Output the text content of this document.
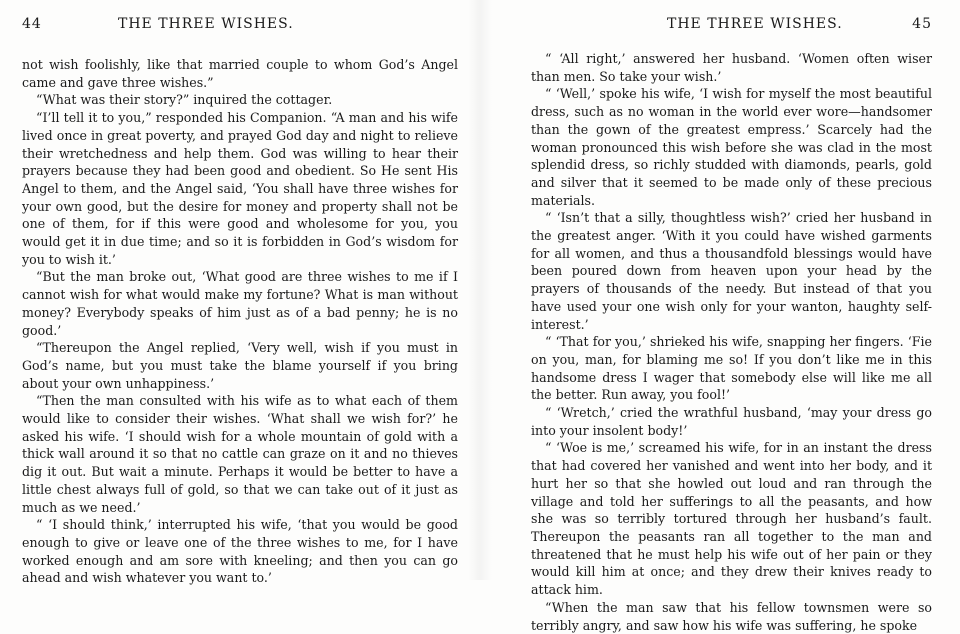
44	THE THREE WISHES.

not wish foolishly, like that married couple to whom God’s Angel came and gave three wishes.”

“What was their story?” inquired the cottager.

“I’ll tell it to you,” responded his Companion. “A man and his wife lived once in great poverty, and prayed God day and night to relieve their wretchedness and help them. God was willing to hear their prayers because they had been good and obedient. So He sent His Angel to them, and the Angel said, ‘You shall have three wishes for your own good, but the desire for money and property shall not be one of them, for if this were good and wholesome for you, you would get it in due time; and so it is forbidden in God’s wisdom for you to wish it.’

“But the man broke out, ‘What good are three wishes to me if I cannot wish for what would make my fortune? What is man without money? Everybody speaks of him just as of a bad penny; he is no good.’

“Thereupon the Angel replied, ‘Very well, wish if you must in God’s name, but you must take the blame yourself if you bring about your own unhappiness.’

“Then the man consulted with his wife as to what each of them would like to consider their wishes. ‘What shall we wish for?’ he asked his wife. ‘I should wish for a whole mountain of gold with a thick wall around it so that no cattle can graze on it and no thieves dig it out. But wait a minute. Perhaps it would be better to have a little chest always full of gold, so that we can take out of it just as much as we need.’

“ ‘I should think,’ interrupted his wife, ‘that you would be good enough to give or leave one of the three wishes to me, for I have worked enough and am sore with kneeling; and then you can go ahead and wish whatever you want to.’

THE THREE WISHES.	45

“ ‘All right,’ answered her husband. ‘Women often wiser than men. So take your wish.’

“ ‘Well,’ spoke his wife, ‘I wish for myself the most beautiful dress, such as no woman in the world ever wore—handsomer than the gown of the greatest empress.’ Scarcely had the woman pronounced this wish before she was clad in the most splendid dress, so richly studded with diamonds, pearls, gold and silver that it seemed to be made only of these precious materials.

“ ‘Isn’t that a silly, thoughtless wish?’ cried her husband in the greatest anger. ‘With it you could have wished garments for all women, and thus a thousandfold blessings would have been poured down from heaven upon your head by the prayers of thousands of the needy. But instead of that you have used your one wish only for your wanton, haughty self-interest.’

“ ‘That for you,’ shrieked his wife, snapping her fingers. ‘Fie on you, man, for blaming me so! If you don’t like me in this handsome dress I wager that somebody else will like me all the better. Run away, you fool!’

“ ‘Wretch,’ cried the wrathful husband, ‘may your dress go into your insolent body!’

“ ‘Woe is me,’ screamed his wife, for in an instant the dress that had covered her vanished and went into her body, and it hurt her so that she howled out loud and ran through the village and told her sufferings to all the peasants, and how she was so terribly tortured through her husband’s fault. Thereupon the peasants ran all together to the man and threatened that he must help his wife out of her pain or they would kill him at once; and they drew their knives ready to attack him.

“When the man saw that his fellow townsmen were so terribly angry, and saw how his wife was suffering, he spoke
